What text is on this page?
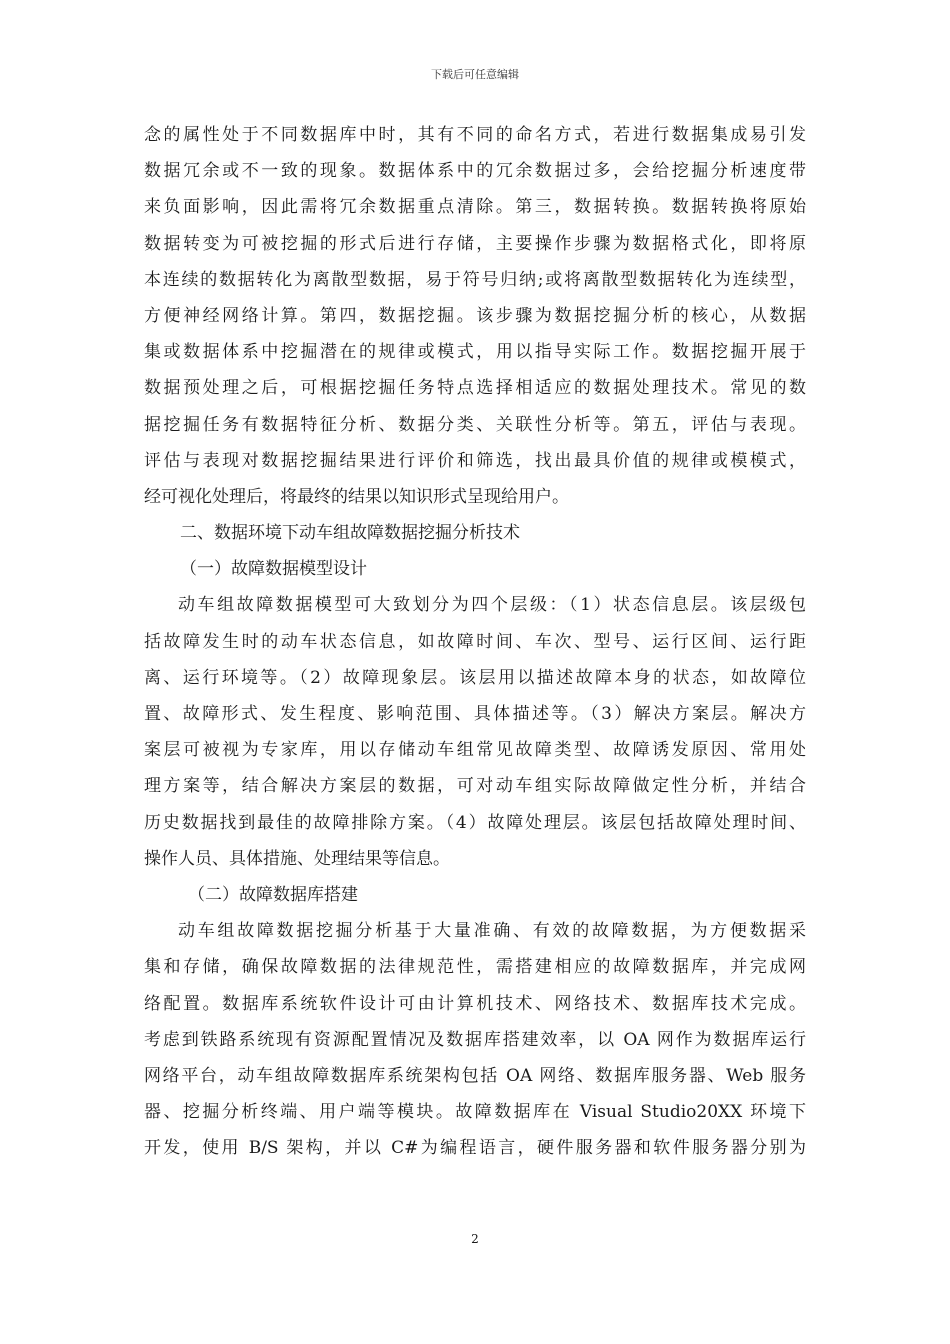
下载后可任意编辑
念的属性处于不同数据库中时，其有不同的命名方式，若进行数据集成易引发
数据冗余或不一致的现象。数据体系中的冗余数据过多，会给挖掘分析速度带
来负面影响，因此需将冗余数据重点清除。第三，数据转换。数据转换将原始
数据转变为可被挖掘的形式后进行存储，主要操作步骤为数据格式化，即将原
本连续的数据转化为离散型数据，易于符号归纳;或将离散型数据转化为连续型，
方便神经网络计算。第四，数据挖掘。该步骤为数据挖掘分析的核心，从数据
集或数据体系中挖掘潜在的规律或模式，用以指导实际工作。数据挖掘开展于
数据预处理之后，可根据挖掘任务特点选择相适应的数据处理技术。常见的数
据挖掘任务有数据特征分析、数据分类、关联性分析等。第五，评估与表现。
评估与表现对数据挖掘结果进行评价和筛选，找出最具价值的规律或模模式，
经可视化处理后，将最终的结果以知识形式呈现给用户。
二、数据环境下动车组故障数据挖掘分析技术
（一）故障数据模型设计
动车组故障数据模型可大致划分为四个层级：（1）状态信息层。该层级包
括故障发生时的动车状态信息，如故障时间、车次、型号、运行区间、运行距
离、运行环境等。（2）故障现象层。该层用以描述故障本身的状态，如故障位
置、故障形式、发生程度、影响范围、具体描述等。（3）解决方案层。解决方
案层可被视为专家库，用以存储动车组常见故障类型、故障诱发原因、常用处
理方案等，结合解决方案层的数据，可对动车组实际故障做定性分析，并结合
历史数据找到最佳的故障排除方案。（4）故障处理层。该层包括故障处理时间、
操作人员、具体措施、处理结果等信息。
（二）故障数据库搭建
动车组故障数据挖掘分析基于大量准确、有效的故障数据，为方便数据采
集和存储，确保故障数据的法律规范性，需搭建相应的故障数据库，并完成网
络配置。数据库系统软件设计可由计算机技术、网络技术、数据库技术完成。
考虑到铁路系统现有资源配置情况及数据库搭建效率，以 OA 网作为数据库运行
网络平台，动车组故障数据库系统架构包括 OA 网络、数据库服务器、Web 服务
器、挖掘分析终端、用户端等模块。故障数据库在 Visual Studio20XX 环境下
开发，使用 B/S 架构，并以 C#为编程语言，硬件服务器和软件服务器分别为
2
